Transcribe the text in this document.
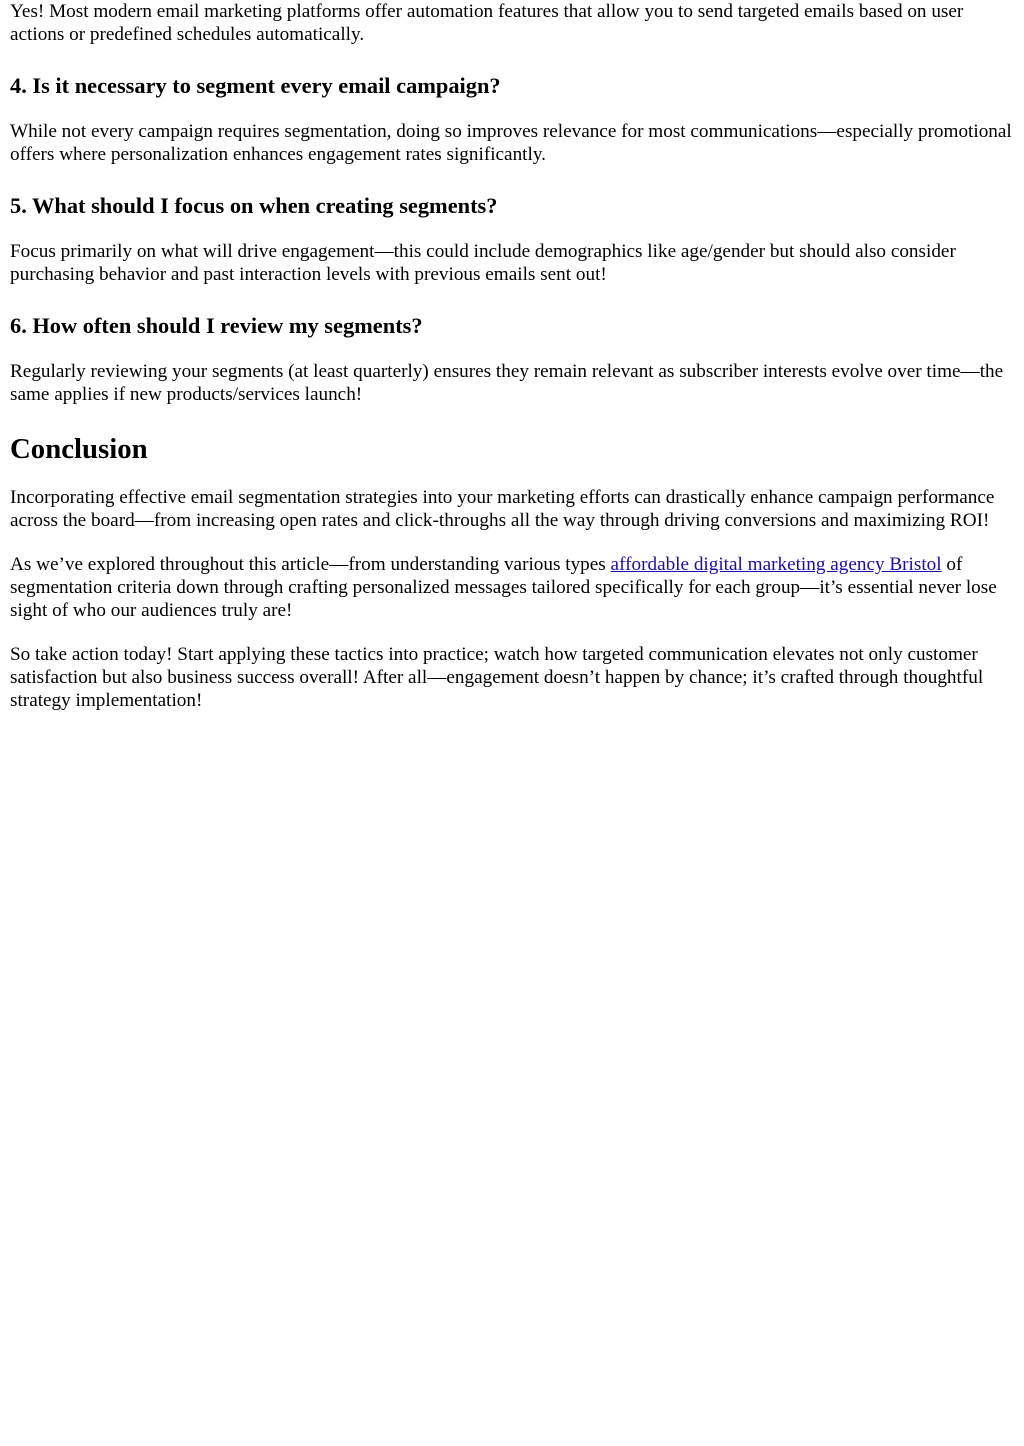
Yes! Most modern email marketing platforms offer automation features that allow you to send targeted emails based on user actions or predefined schedules automatically.

4. Is it necessary to segment every email campaign?

While not every campaign requires segmentation, doing so improves relevance for most communications—especially promotional offers where personalization enhances engagement rates significantly.

5. What should I focus on when creating segments?

Focus primarily on what will drive engagement—this could include demographics like age/gender but should also consider purchasing behavior and past interaction levels with previous emails sent out!

6. How often should I review my segments?

Regularly reviewing your segments (at least quarterly) ensures they remain relevant as subscriber interests evolve over time—the same applies if new products/services launch!

Conclusion

Incorporating effective email segmentation strategies into your marketing efforts can drastically enhance campaign performance across the board—from increasing open rates and click-throughs all the way through driving conversions and maximizing ROI!

As we’ve explored throughout this article—from understanding various types affordable digital marketing agency Bristol of segmentation criteria down through crafting personalized messages tailored specifically for each group—it’s essential never lose sight of who our audiences truly are!

So take action today! Start applying these tactics into practice; watch how targeted communication elevates not only customer satisfaction but also business success overall! After all—engagement doesn’t happen by chance; it’s crafted through thoughtful strategy implementation!
